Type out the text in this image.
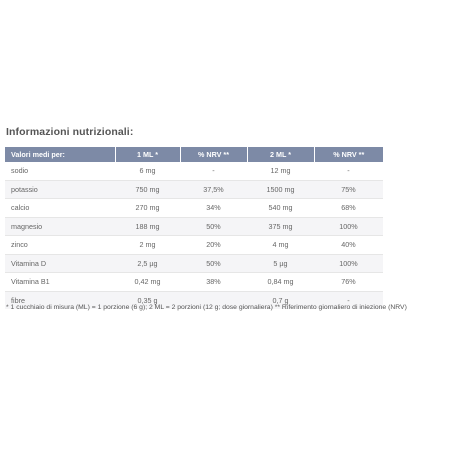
Informazioni nutrizionali:
Valori medi per:	1 ML *	% NRV **	2 ML *	% NRV **
sodio	6 mg	-	12 mg	-
potassio	750 mg	37,5%	1500 mg	75%
calcio	270 mg	34%	540 mg	68%
magnesio	188 mg	50%	375 mg	100%
zinco	2 mg	20%	4 mg	40%
Vitamina D	2,5 µg	50%	5 µg	100%
Vitamina B1	0,42 mg	38%	0,84 mg	76%
fibre	0,35 g		0,7 g	-
* 1 cucchiaio di misura (ML) = 1 porzione (6 g); 2 ML = 2 porzioni (12 g; dose giornaliera) ** Riferimento giornaliero di iniezione (NRV)
